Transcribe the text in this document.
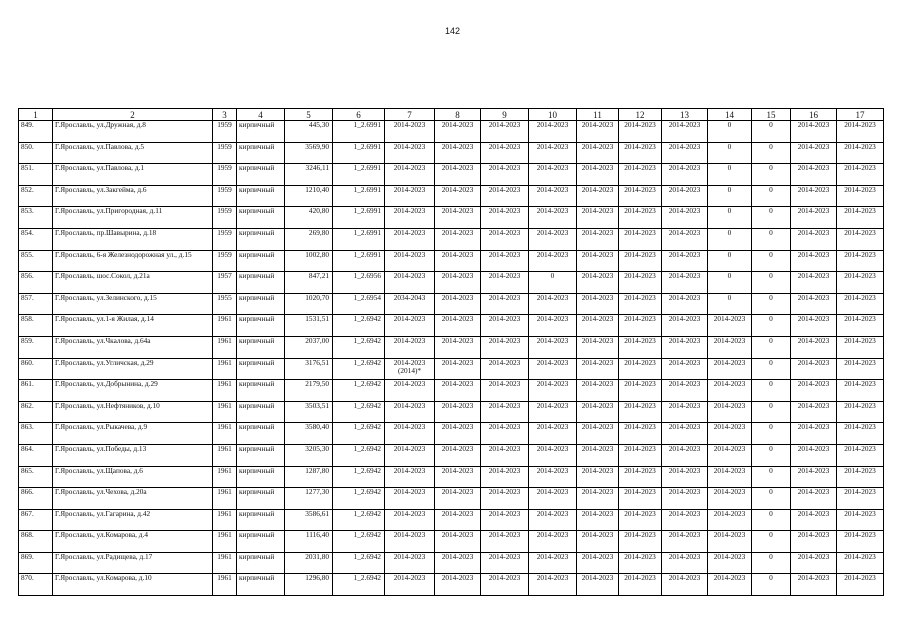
142
1	2	3	4	5	6	7	8	9	10	11	12	13	14	15	16	17
849.	Г.Ярославль, ул.Дружная, д.8	1959	кирпичный	445,30	1_2.6991	2014-2023	2014-2023	2014-2023	2014-2023	2014-2023	2014-2023	2014-2023	0	0	2014-2023	2014-2023
850.	Г.Ярославль, ул.Павлова, д.5	1959	кирпичный	3569,90	1_2.6991	2014-2023	2014-2023	2014-2023	2014-2023	2014-2023	2014-2023	2014-2023	0	0	2014-2023	2014-2023
851.	Г.Ярославль, ул.Павлова, д.1	1959	кирпичный	3246,11	1_2.6991	2014-2023	2014-2023	2014-2023	2014-2023	2014-2023	2014-2023	2014-2023	0	0	2014-2023	2014-2023
852.	Г.Ярославль, ул.Закгейма, д.6	1959	кирпичный	1210,40	1_2.6991	2014-2023	2014-2023	2014-2023	2014-2023	2014-2023	2014-2023	2014-2023	0	0	2014-2023	2014-2023
853.	Г.Ярославль, ул.Пригородная, д.11	1959	кирпичный	420,80	1_2.6991	2014-2023	2014-2023	2014-2023	2014-2023	2014-2023	2014-2023	2014-2023	0	0	2014-2023	2014-2023
854.	Г.Ярославль, пр.Шавырина, д.18	1959	кирпичный	269,80	1_2.6991	2014-2023	2014-2023	2014-2023	2014-2023	2014-2023	2014-2023	2014-2023	0	0	2014-2023	2014-2023
855.	Г.Ярославль, 6-я Железнодорожная ул., д.15	1959	кирпичный	1002,80	1_2.6991	2014-2023	2014-2023	2014-2023	2014-2023	2014-2023	2014-2023	2014-2023	0	0	2014-2023	2014-2023
856.	Г.Ярославль, шос.Сокол, д.21а	1957	кирпичный	847,21	1_2.6956	2014-2023	2014-2023	2014-2023	0	2014-2023	2014-2023	2014-2023	0	0	2014-2023	2014-2023
857.	Г.Ярославль, ул.Зелинского, д.15	1955	кирпичный	1020,70	1_2.6954	2034-2043	2014-2023	2014-2023	2014-2023	2014-2023	2014-2023	2014-2023	0	0	2014-2023	2014-2023
858.	Г.Ярославль, ул.1-я Жилая, д.14	1961	кирпичный	1531,51	1_2.6942	2014-2023	2014-2023	2014-2023	2014-2023	2014-2023	2014-2023	2014-2023	2014-2023	0	2014-2023	2014-2023
859.	Г.Ярославль, ул.Чкалова, д.64а	1961	кирпичный	2037,00	1_2.6942	2014-2023	2014-2023	2014-2023	2014-2023	2014-2023	2014-2023	2014-2023	2014-2023	0	2014-2023	2014-2023
860.	Г.Ярославль, ул.Угличская, д.29	1961	кирпичный	3176,51	1_2.6942	2014-2023 (2014)*	2014-2023	2014-2023	2014-2023	2014-2023	2014-2023	2014-2023	2014-2023	0	2014-2023	2014-2023
861.	Г.Ярославль, ул.Добрынина, д.29	1961	кирпичный	2179,50	1_2.6942	2014-2023	2014-2023	2014-2023	2014-2023	2014-2023	2014-2023	2014-2023	2014-2023	0	2014-2023	2014-2023
862.	Г.Ярославль, ул.Нефтяников, д.10	1961	кирпичный	3503,51	1_2.6942	2014-2023	2014-2023	2014-2023	2014-2023	2014-2023	2014-2023	2014-2023	2014-2023	0	2014-2023	2014-2023
863.	Г.Ярославль, ул.Рыкачева, д.9	1961	кирпичный	3580,40	1_2.6942	2014-2023	2014-2023	2014-2023	2014-2023	2014-2023	2014-2023	2014-2023	2014-2023	0	2014-2023	2014-2023
864.	Г.Ярославль, ул.Победы, д.13	1961	кирпичный	3205,30	1_2.6942	2014-2023	2014-2023	2014-2023	2014-2023	2014-2023	2014-2023	2014-2023	2014-2023	0	2014-2023	2014-2023
865.	Г.Ярославль, ул.Щапова, д.6	1961	кирпичный	1287,80	1_2.6942	2014-2023	2014-2023	2014-2023	2014-2023	2014-2023	2014-2023	2014-2023	2014-2023	0	2014-2023	2014-2023
866.	Г.Ярославль, ул.Чехова, д.20а	1961	кирпичный	1277,30	1_2.6942	2014-2023	2014-2023	2014-2023	2014-2023	2014-2023	2014-2023	2014-2023	2014-2023	0	2014-2023	2014-2023
867.	Г.Ярославль, ул.Гагарина, д.42	1961	кирпичный	3586,61	1_2.6942	2014-2023	2014-2023	2014-2023	2014-2023	2014-2023	2014-2023	2014-2023	2014-2023	0	2014-2023	2014-2023
868.	Г.Ярославль, ул.Комарова, д.4	1961	кирпичный	1116,40	1_2.6942	2014-2023	2014-2023	2014-2023	2014-2023	2014-2023	2014-2023	2014-2023	2014-2023	0	2014-2023	2014-2023
869.	Г.Ярославль, ул.Радищева, д.17	1961	кирпичный	2031,80	1_2.6942	2014-2023	2014-2023	2014-2023	2014-2023	2014-2023	2014-2023	2014-2023	2014-2023	0	2014-2023	2014-2023
870.	Г.Ярославль, ул.Комарова, д.10	1961	кирпичный	1296,80	1_2.6942	2014-2023	2014-2023	2014-2023	2014-2023	2014-2023	2014-2023	2014-2023	2014-2023	0	2014-2023	2014-2023
